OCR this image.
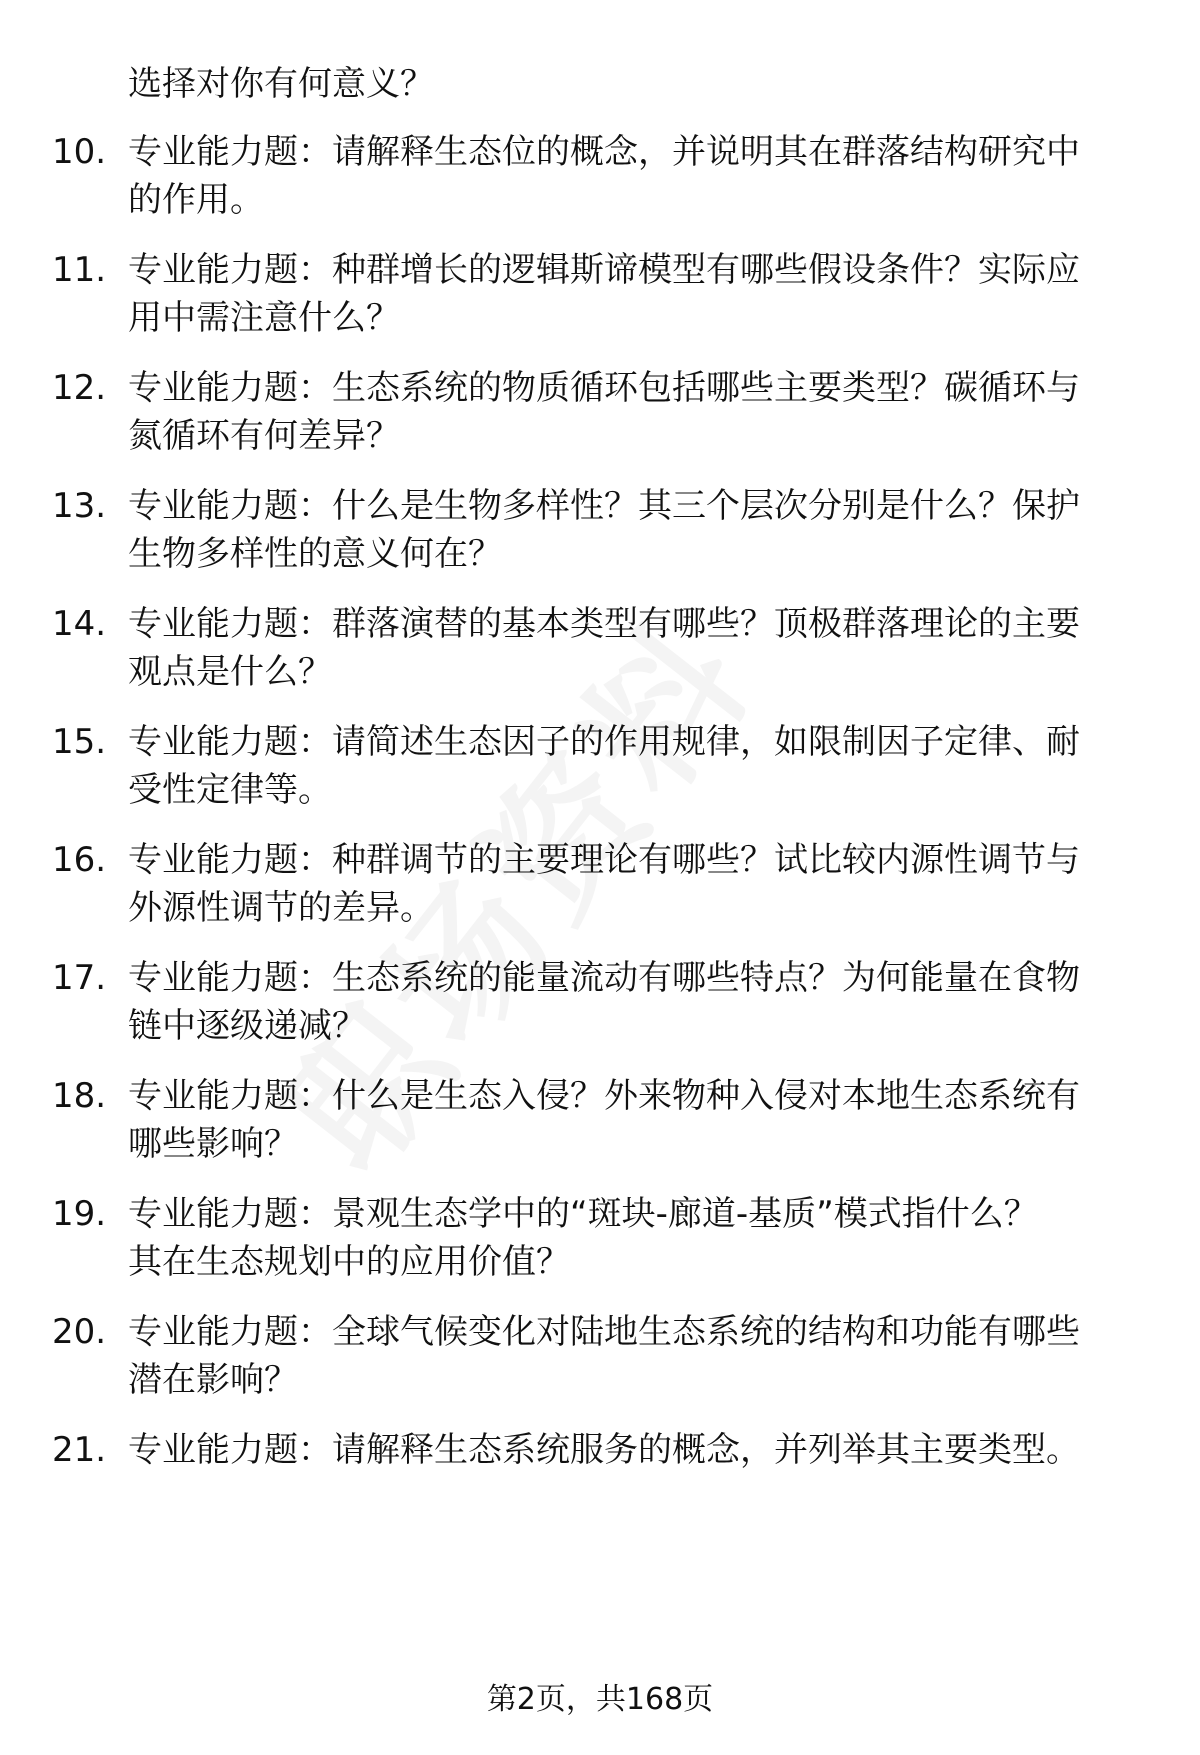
选择对你有何意义？
10. 专业能力题：请解释生态位的概念，并说明其在群落结构研究中
的作用。
11. 专业能力题：种群增长的逻辑斯谛模型有哪些假设条件？实际应
用中需注意什么？
12. 专业能力题：生态系统的物质循环包括哪些主要类型？碳循环与
氮循环有何差异？
13. 专业能力题：什么是生物多样性？其三个层次分别是什么？保护
生物多样性的意义何在？
14. 专业能力题：群落演替的基本类型有哪些？顶极群落理论的主要
观点是什么？
15. 专业能力题：请简述生态因子的作用规律，如限制因子定律、耐
受性定律等。
16. 专业能力题：种群调节的主要理论有哪些？试比较内源性调节与
外源性调节的差异。
17. 专业能力题：生态系统的能量流动有哪些特点？为何能量在食物
链中逐级递减？
18. 专业能力题：什么是生态入侵？外来物种入侵对本地生态系统有
哪些影响？
19. 专业能力题：景观生态学中的“斑块-廊道-基质”模式指什么？
其在生态规划中的应用价值？
20. 专业能力题：全球气候变化对陆地生态系统的结构和功能有哪些
潜在影响？
21. 专业能力题：请解释生态系统服务的概念，并列举其主要类型。
第2页，共168页
